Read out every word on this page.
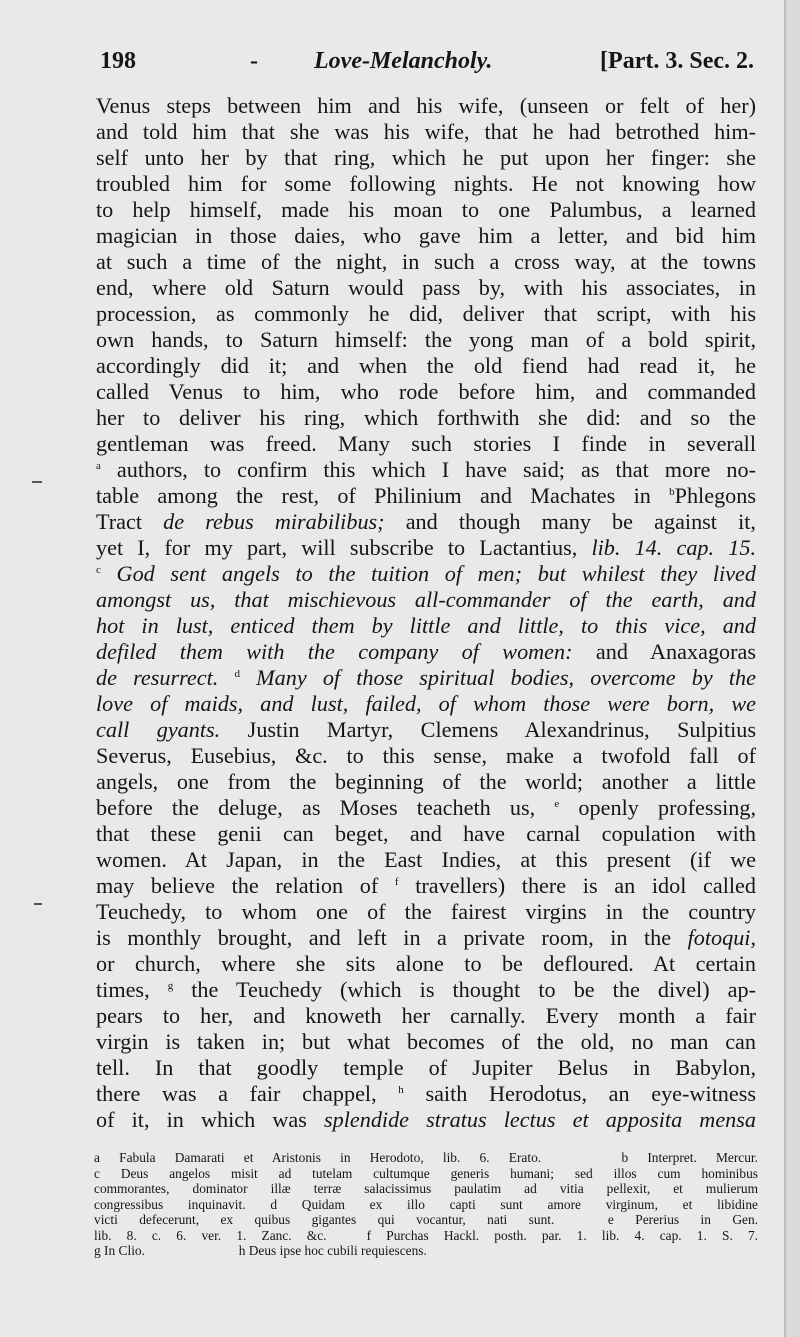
198	- Love-Melancholy.	[Part. 3. Sec. 2.
Venus steps between him and his wife, (unseen or felt of her)
and told him that she was his wife, that he had betrothed him-
self unto her by that ring, which he put upon her finger: she
troubled him for some following nights. He not knowing how
to help himself, made his moan to one Palumbus, a learned
magician in those daies, who gave him a letter, and bid him
at such a time of the night, in such a cross way, at the towns
end, where old Saturn would pass by, with his associates, in
procession, as commonly he did, deliver that script, with his
own hands, to Saturn himself: the yong man of a bold spirit,
accordingly did it; and when the old fiend had read it, he
called Venus to him, who rode before him, and commanded
her to deliver his ring, which forthwith she did: and so the
gentleman was freed. Many such stories I finde in severall
$^a$ authors, to confirm this which I have said; as that more no-
table among the rest, of Philinium and Machates in $^b$Phlegons
Tract de rebus mirabilibus; and though many be against it,
yet I, for my part, will subscribe to Lactantius, lib. 14. cap. 15.
$^c$ God sent angels to the tuition of men; but whilest they lived
amongst us, that mischievous all-commander of the earth, and
hot in lust, enticed them by little and little, to this vice, and
defiled them with the company of women: and Anaxagoras
de resurrect. $^d$ Many of those spiritual bodies, overcome by the
love of maids, and lust, failed, of whom those were born, we
call gyants. Justin Martyr, Clemens Alexandrinus, Sulpitius
Severus, Eusebius, &c. to this sense, make a twofold fall of
angels, one from the beginning of the world; another a little
before the deluge, as Moses teacheth us, $^e$ openly professing,
that these genii can beget, and have carnal copulation with
women. At Japan, in the East Indies, at this present (if we
may believe the relation of $^f$ travellers) there is an idol called
Teuchedy, to whom one of the fairest virgins in the country
is monthly brought, and left in a private room, in the fotoqui,
or church, where she sits alone to be defloured. At certain
times, $^g$ the Teuchedy (which is thought to be the divel) ap-
pears to her, and knoweth her carnally. Every month a fair
virgin is taken in; but what becomes of the old, no man can
tell. In that goodly temple of Jupiter Belus in Babylon,
there was a fair chappel, $^h$ saith Herodotus, an eye-witness
of it, in which was splendide stratus lectus et apposita mensa
a Fabula Damarati et Aristonis in Herodoto, lib. 6. Erato.      	b Interpret. Mercur.
c Deus angelos misit ad tutelam cultumque generis humani; sed illos cum hominibus
commorantes, dominator illæ terræ salacissimus paulatim ad vitia pellexit, et mulierum
congressibus inquinavit. d Quidam ex illo capti sunt amore virginum, et libidine
victi defecerunt, ex quibus gigantes qui vocantur, nati sunt.    	e Pererius in Gen.
lib. 8. c. 6. ver. 1. Zanc. &c.   	f Purchas Hackl. posth. par. 1. lib. 4. cap. 1. S. 7.
g In Clio.       	h Deus ipse hoc cubili requiescens.
